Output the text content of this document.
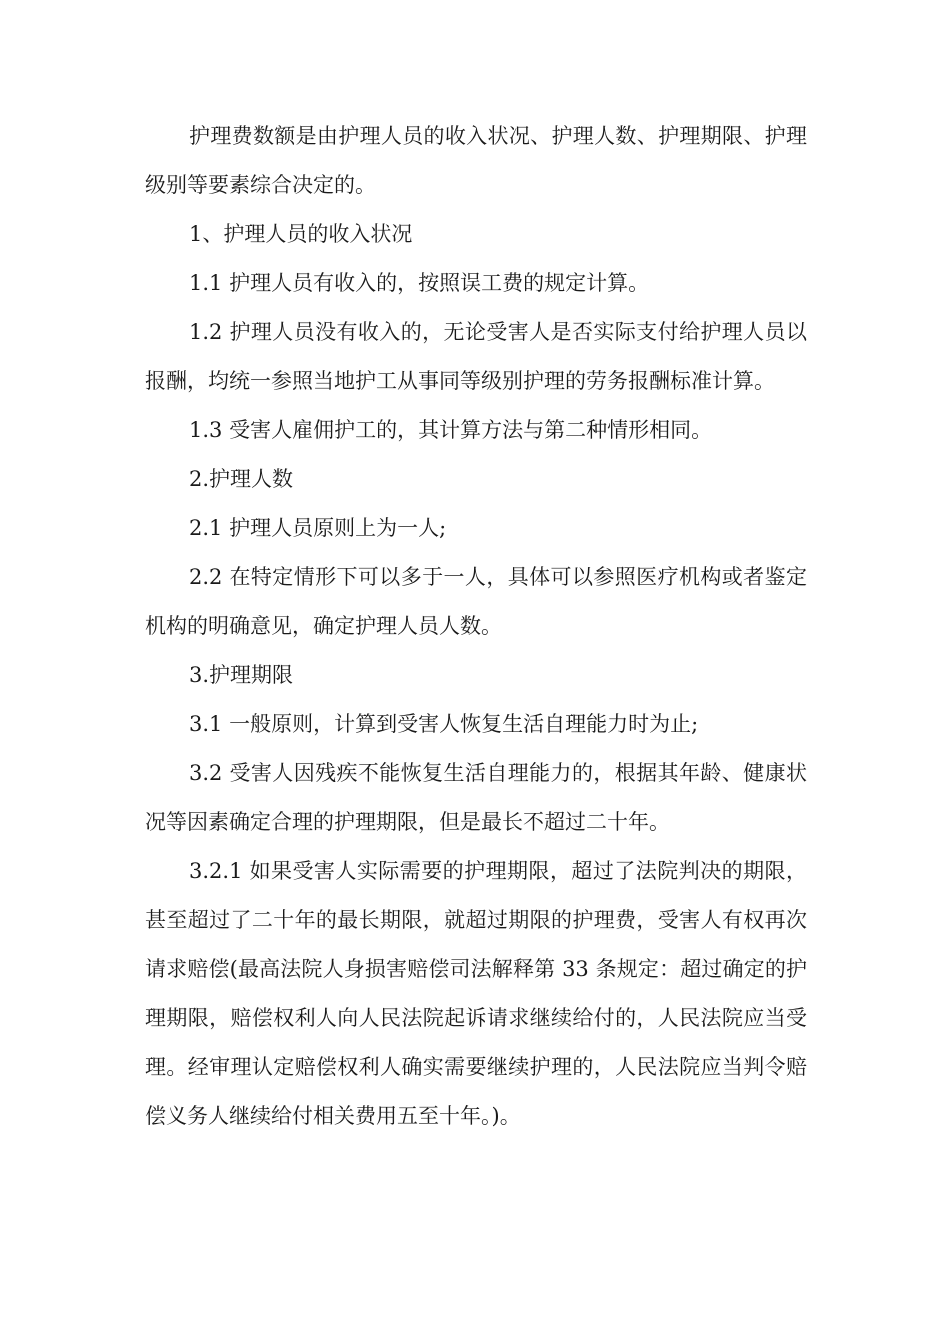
护理费数额是由护理人员的收入状况、护理人数、护理期限、护理级别等要素综合决定的。

1、护理人员的收入状况

1.1 护理人员有收入的，按照误工费的规定计算。

1.2 护理人员没有收入的，无论受害人是否实际支付给护理人员以报酬，均统一参照当地护工从事同等级别护理的劳务报酬标准计算。

1.3 受害人雇佣护工的，其计算方法与第二种情形相同。

2.护理人数

2.1 护理人员原则上为一人;

2.2 在特定情形下可以多于一人，具体可以参照医疗机构或者鉴定机构的明确意见，确定护理人员人数。

3.护理期限

3.1 一般原则，计算到受害人恢复生活自理能力时为止;

3.2 受害人因残疾不能恢复生活自理能力的，根据其年龄、健康状况等因素确定合理的护理期限，但是最长不超过二十年。

3.2.1 如果受害人实际需要的护理期限，超过了法院判决的期限，甚至超过了二十年的最长期限，就超过期限的护理费，受害人有权再次请求赔偿(最高法院人身损害赔偿司法解释第 33 条规定：超过确定的护理期限，赔偿权利人向人民法院起诉请求继续给付的，人民法院应当受理。经审理认定赔偿权利人确实需要继续护理的，人民法院应当判令赔偿义务人继续给付相关费用五至十年。)。
